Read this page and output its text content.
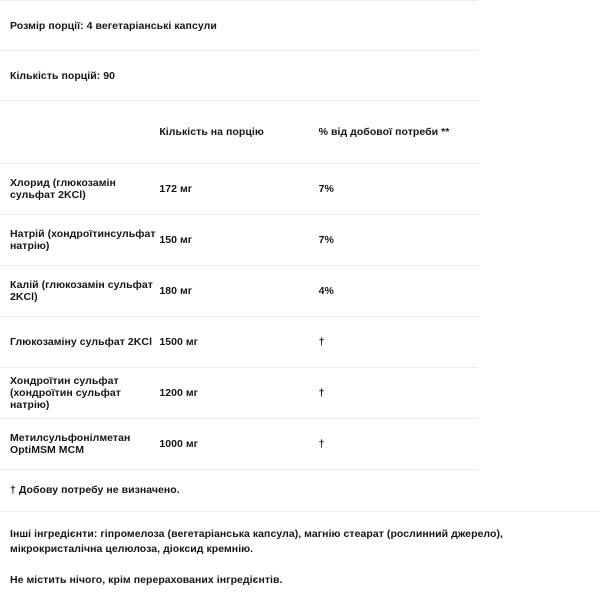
Розмір порції: 4 вегетаріанські капсули		
Кількість порцій: 90		
	Кількість на порцію	% від добової потреби **
Хлорид (глюкозамін сульфат 2KCl)	172 мг	7%
Натрій (хондроїтинсульфат натрію)	150 мг	7%
Калій (глюкозамін сульфат 2KCl)	180 мг	4%
Глюкозаміну сульфат 2KCl	1500 мг	†
Хондроїтин сульфат (хондроїтин сульфат натрію)	1200 мг	†
Метилсульфонілметан OptiMSM MCM	1000 мг	†
† Добову потребу не визначено.		

Інші інгредієнти: гіпромелоза (вегетаріанська капсула), магнію стеарат (рослинний джерело), мікрокристалічна целюлоза, діоксид кремнію.

Не містить нічого, крім перерахованих інгредієнтів.
